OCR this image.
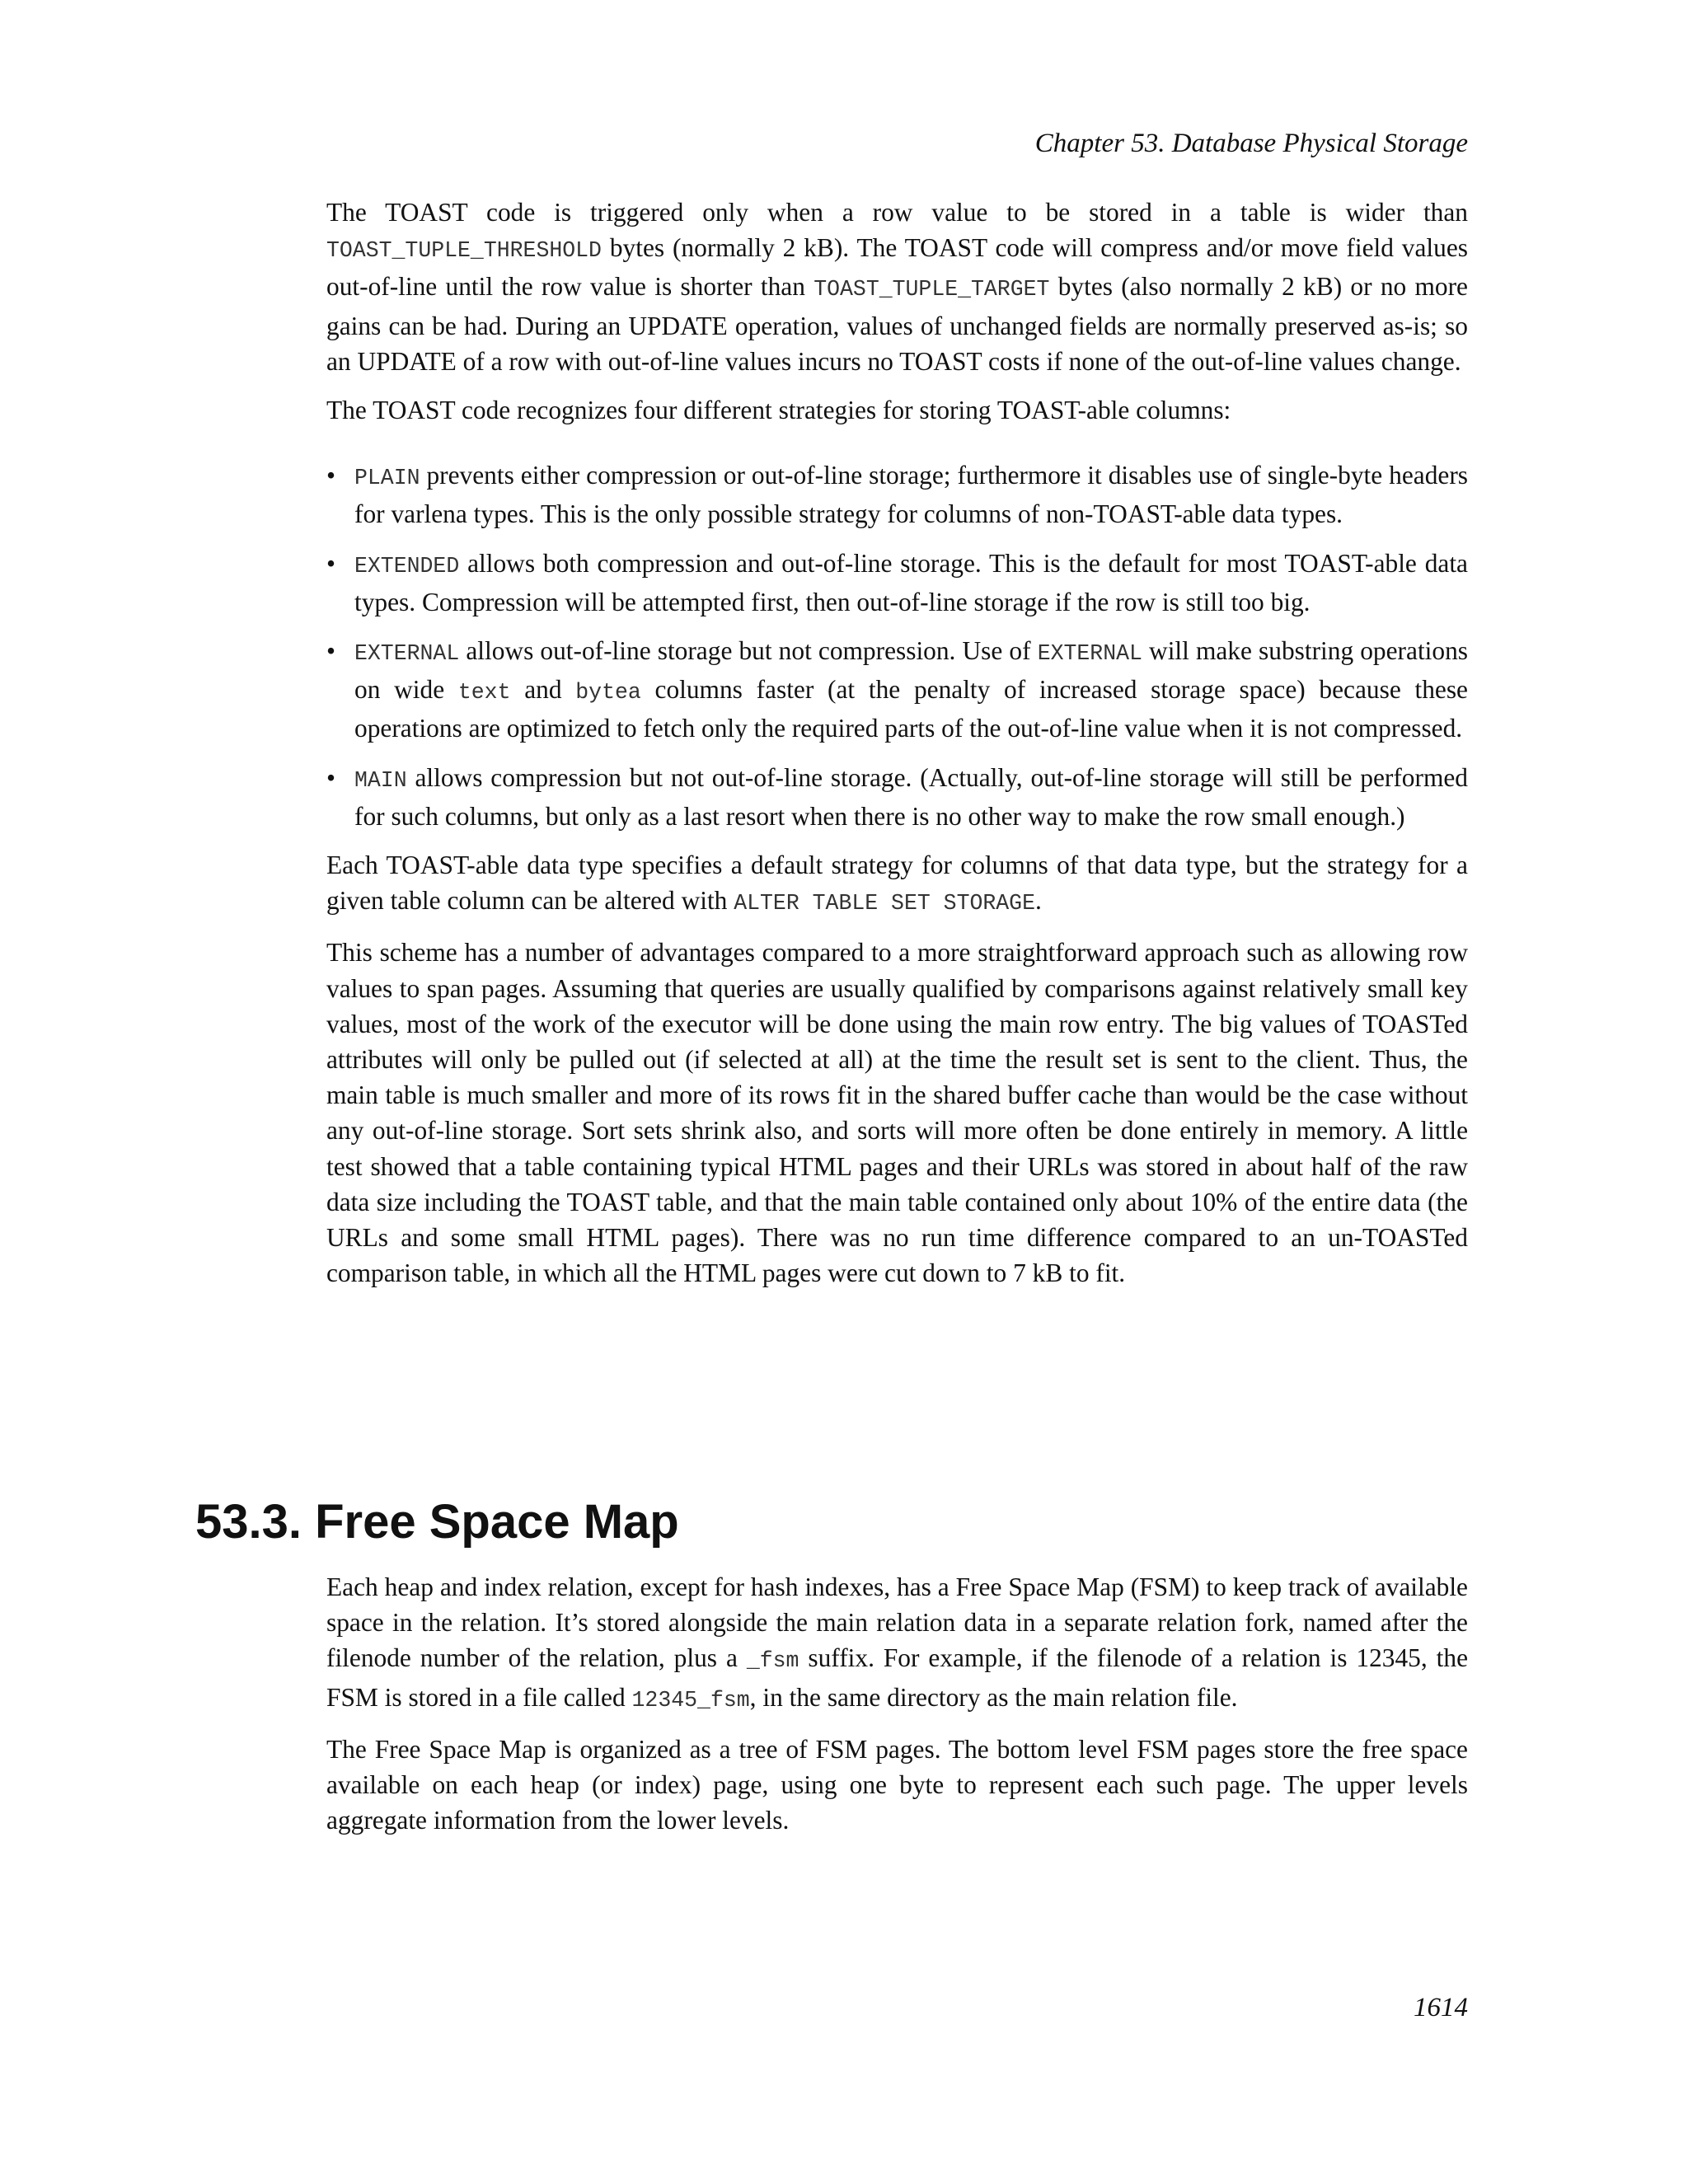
Chapter 53. Database Physical Storage

The TOAST code is triggered only when a row value to be stored in a table is wider than TOAST_TUPLE_THRESHOLD bytes (normally 2 kB). The TOAST code will compress and/or move field values out-of-line until the row value is shorter than TOAST_TUPLE_TARGET bytes (also normally 2 kB) or no more gains can be had. During an UPDATE operation, values of unchanged fields are normally preserved as-is; so an UPDATE of a row with out-of-line values incurs no TOAST costs if none of the out-of-line values change.

The TOAST code recognizes four different strategies for storing TOAST-able columns:

• PLAIN prevents either compression or out-of-line storage; furthermore it disables use of single-byte headers for varlena types. This is the only possible strategy for columns of non-TOAST-able data types.
• EXTENDED allows both compression and out-of-line storage. This is the default for most TOAST-able data types. Compression will be attempted first, then out-of-line storage if the row is still too big.
• EXTERNAL allows out-of-line storage but not compression. Use of EXTERNAL will make substring operations on wide text and bytea columns faster (at the penalty of increased storage space) because these operations are optimized to fetch only the required parts of the out-of-line value when it is not compressed.
• MAIN allows compression but not out-of-line storage. (Actually, out-of-line storage will still be performed for such columns, but only as a last resort when there is no other way to make the row small enough.)

Each TOAST-able data type specifies a default strategy for columns of that data type, but the strategy for a given table column can be altered with ALTER TABLE SET STORAGE.

This scheme has a number of advantages compared to a more straightforward approach such as allowing row values to span pages. Assuming that queries are usually qualified by comparisons against relatively small key values, most of the work of the executor will be done using the main row entry. The big values of TOASTed attributes will only be pulled out (if selected at all) at the time the result set is sent to the client. Thus, the main table is much smaller and more of its rows fit in the shared buffer cache than would be the case without any out-of-line storage. Sort sets shrink also, and sorts will more often be done entirely in memory. A little test showed that a table containing typical HTML pages and their URLs was stored in about half of the raw data size including the TOAST table, and that the main table contained only about 10% of the entire data (the URLs and some small HTML pages). There was no run time difference compared to an un-TOASTed comparison table, in which all the HTML pages were cut down to 7 kB to fit.

53.3. Free Space Map

Each heap and index relation, except for hash indexes, has a Free Space Map (FSM) to keep track of available space in the relation. It’s stored alongside the main relation data in a separate relation fork, named after the filenode number of the relation, plus a _fsm suffix. For example, if the filenode of a relation is 12345, the FSM is stored in a file called 12345_fsm, in the same directory as the main relation file.

The Free Space Map is organized as a tree of FSM pages. The bottom level FSM pages store the free space available on each heap (or index) page, using one byte to represent each such page. The upper levels aggregate information from the lower levels.

1614
